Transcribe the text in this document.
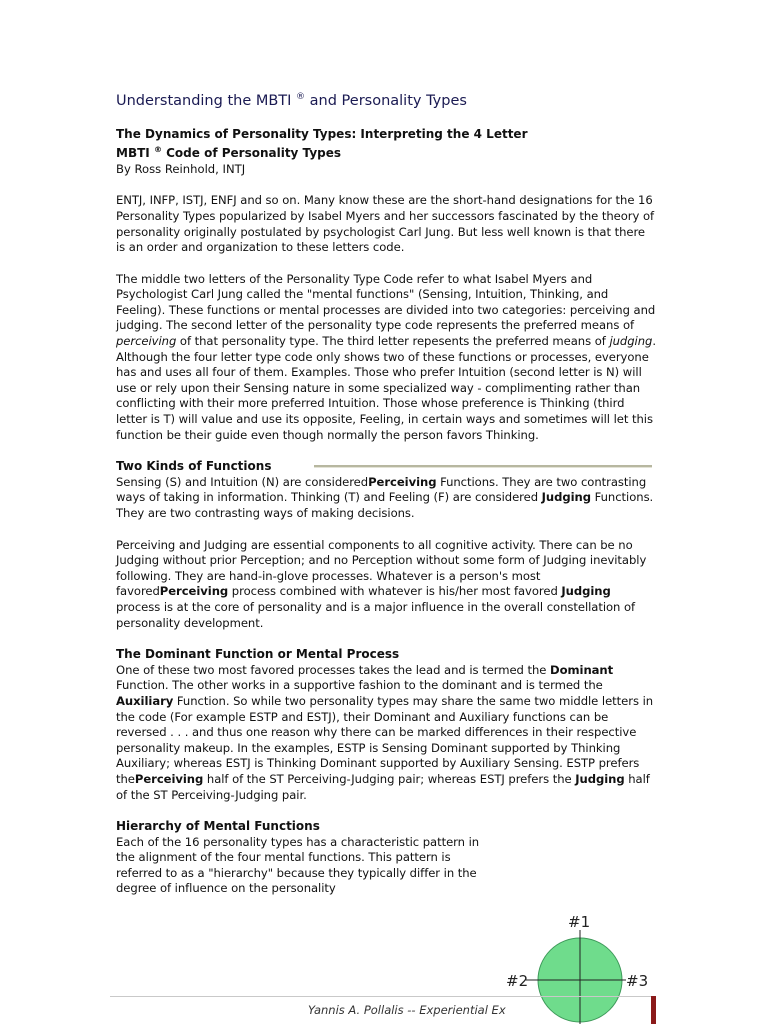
Understanding the MBTI ® and Personality Types
The Dynamics of Personality Types: Interpreting the 4 Letter
MBTI ® Code of Personality Types
By Ross Reinhold, INTJ

ENTJ, INFP, ISTJ, ENFJ and so on. Many know these are the short-hand designations for the 16 Personality Types popularized by Isabel Myers and her successors fascinated by the theory of personality originally postulated by psychologist Carl Jung. But less well known is that there is an order and organization to these letters code.

The middle two letters of the Personality Type Code refer to what Isabel Myers and Psychologist Carl Jung called the "mental functions" (Sensing, Intuition, Thinking, and Feeling). These functions or mental processes are divided into two categories: perceiving and judging. The second letter of the personality type code represents the preferred means of perceiving of that personality type. The third letter repesents the preferred means of judging. Although the four letter type code only shows two of these functions or processes, everyone has and uses all four of them. Examples. Those who prefer Intuition (second letter is N) will use or rely upon their Sensing nature in some specialized way - complimenting rather than conflicting with their more preferred Intuition. Those whose preference is Thinking (third letter is T) will value and use its opposite, Feeling, in certain ways and sometimes will let this function be their guide even though normally the person favors Thinking.

Two Kinds of Functions

Sensing (S) and Intuition (N) are consideredPerceiving Functions. They are two contrasting ways of taking in information. Thinking (T) and Feeling (F) are considered Judging Functions. They are two contrasting ways of making decisions.

Perceiving and Judging are essential components to all cognitive activity. There can be no Judging without prior Perception; and no Perception without some form of Judging inevitably following. They are hand-in-glove processes. Whatever is a person's most favoredPerceiving process combined with whatever is his/her most favored Judging process is at the core of personality and is a major influence in the overall constellation of personality development.

The Dominant Function or Mental Process

One of these two most favored processes takes the lead and is termed the Dominant Function. The other works in a supportive fashion to the dominant and is termed the Auxiliary Function. So while two personality types may share the same two middle letters in the code (For example ESTP and ESTJ), their Dominant and Auxiliary functions can be reversed . . . and thus one reason why there can be marked differences in their respective personality makeup. In the examples, ESTP is Sensing Dominant supported by Thinking Auxiliary; whereas ESTJ is Thinking Dominant supported by Auxiliary Sensing. ESTP prefers thePerceiving half of the ST Perceiving-Judging pair; whereas ESTJ prefers the Judging half of the ST Perceiving-Judging pair.

Hierarchy of Mental Functions

Each of the 16 personality types has a characteristic pattern in the alignment of the four mental functions. This pattern is referred to as a "hierarchy" because they typically differ in the degree of influence on the personality

#1
#2	#3
Yannis A. Pollalis -- Experiential Ex
